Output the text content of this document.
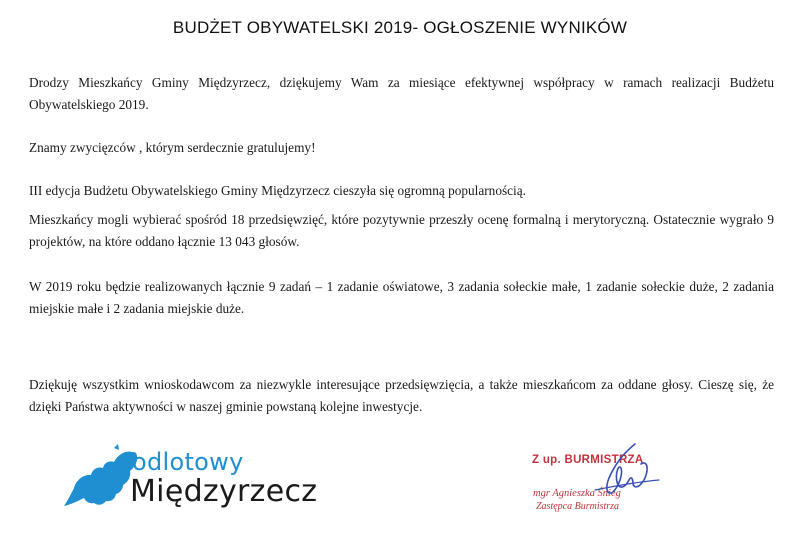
BUDŻET OBYWATELSKI 2019- OGŁOSZENIE WYNIKÓW

Drodzy Mieszkańcy Gminy Międzyrzecz, dziękujemy Wam za miesiące efektywnej współpracy w ramach realizacji Budżetu Obywatelskiego 2019.

Znamy zwycięzców , którym serdecznie gratulujemy!

III edycja Budżetu Obywatelskiego Gminy Międzyrzecz cieszyła się ogromną popularnością.

Mieszkańcy mogli wybierać spośród 18 przedsięwzięć, które pozytywnie przeszły ocenę formalną i merytoryczną. Ostatecznie wygrało 9 projektów, na które oddano łącznie 13 043 głosów.

W 2019 roku będzie realizowanych łącznie 9 zadań – 1 zadanie oświatowe, 3 zadania sołeckie małe, 1 zadanie sołeckie duże, 2 zadania miejskie małe i 2 zadania miejskie duże.

Dziękuję wszystkim wnioskodawcom za niezwykle interesujące przedsięwzięcia, a także mieszkańcom za oddane głosy. Cieszę się, że dzięki Państwa aktywności w naszej gminie powstaną kolejne inwestycje.

odlotowy
Międzyrzecz
Z up. BURMISTRZA
mgr Agnieszka Śnieg
Zastępca Burmistrza
